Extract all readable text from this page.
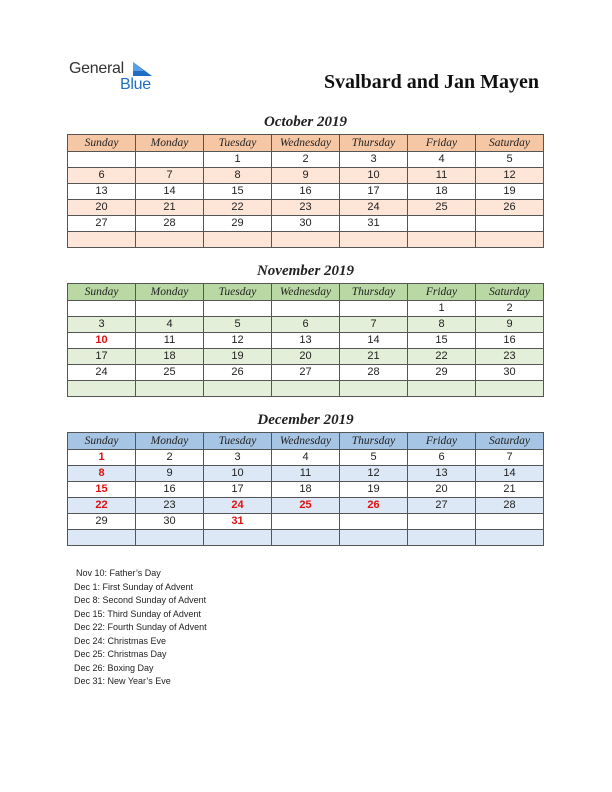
General
Blue	Svalbard and Jan Mayen
October 2019
Sunday	Monday	Tuesday	Wednesday	Thursday	Friday	Saturday
		1	2	3	4	5
6	7	8	9	10	11	12
13	14	15	16	17	18	19
20	21	22	23	24	25	26
27	28	29	30	31		

November 2019
Sunday	Monday	Tuesday	Wednesday	Thursday	Friday	Saturday
					1	2
3	4	5	6	7	8	9
10	11	12	13	14	15	16
17	18	19	20	21	22	23
24	25	26	27	28	29	30

December 2019
Sunday	Monday	Tuesday	Wednesday	Thursday	Friday	Saturday
1	2	3	4	5	6	7
8	9	10	11	12	13	14
15	16	17	18	19	20	21
22	23	24	25	26	27	28
29	30	31				

Nov 10: Father’s Day
Dec 1: First Sunday of Advent
Dec 8: Second Sunday of Advent
Dec 15: Third Sunday of Advent
Dec 22: Fourth Sunday of Advent
Dec 24: Christmas Eve
Dec 25: Christmas Day
Dec 26: Boxing Day
Dec 31: New Year’s Eve
